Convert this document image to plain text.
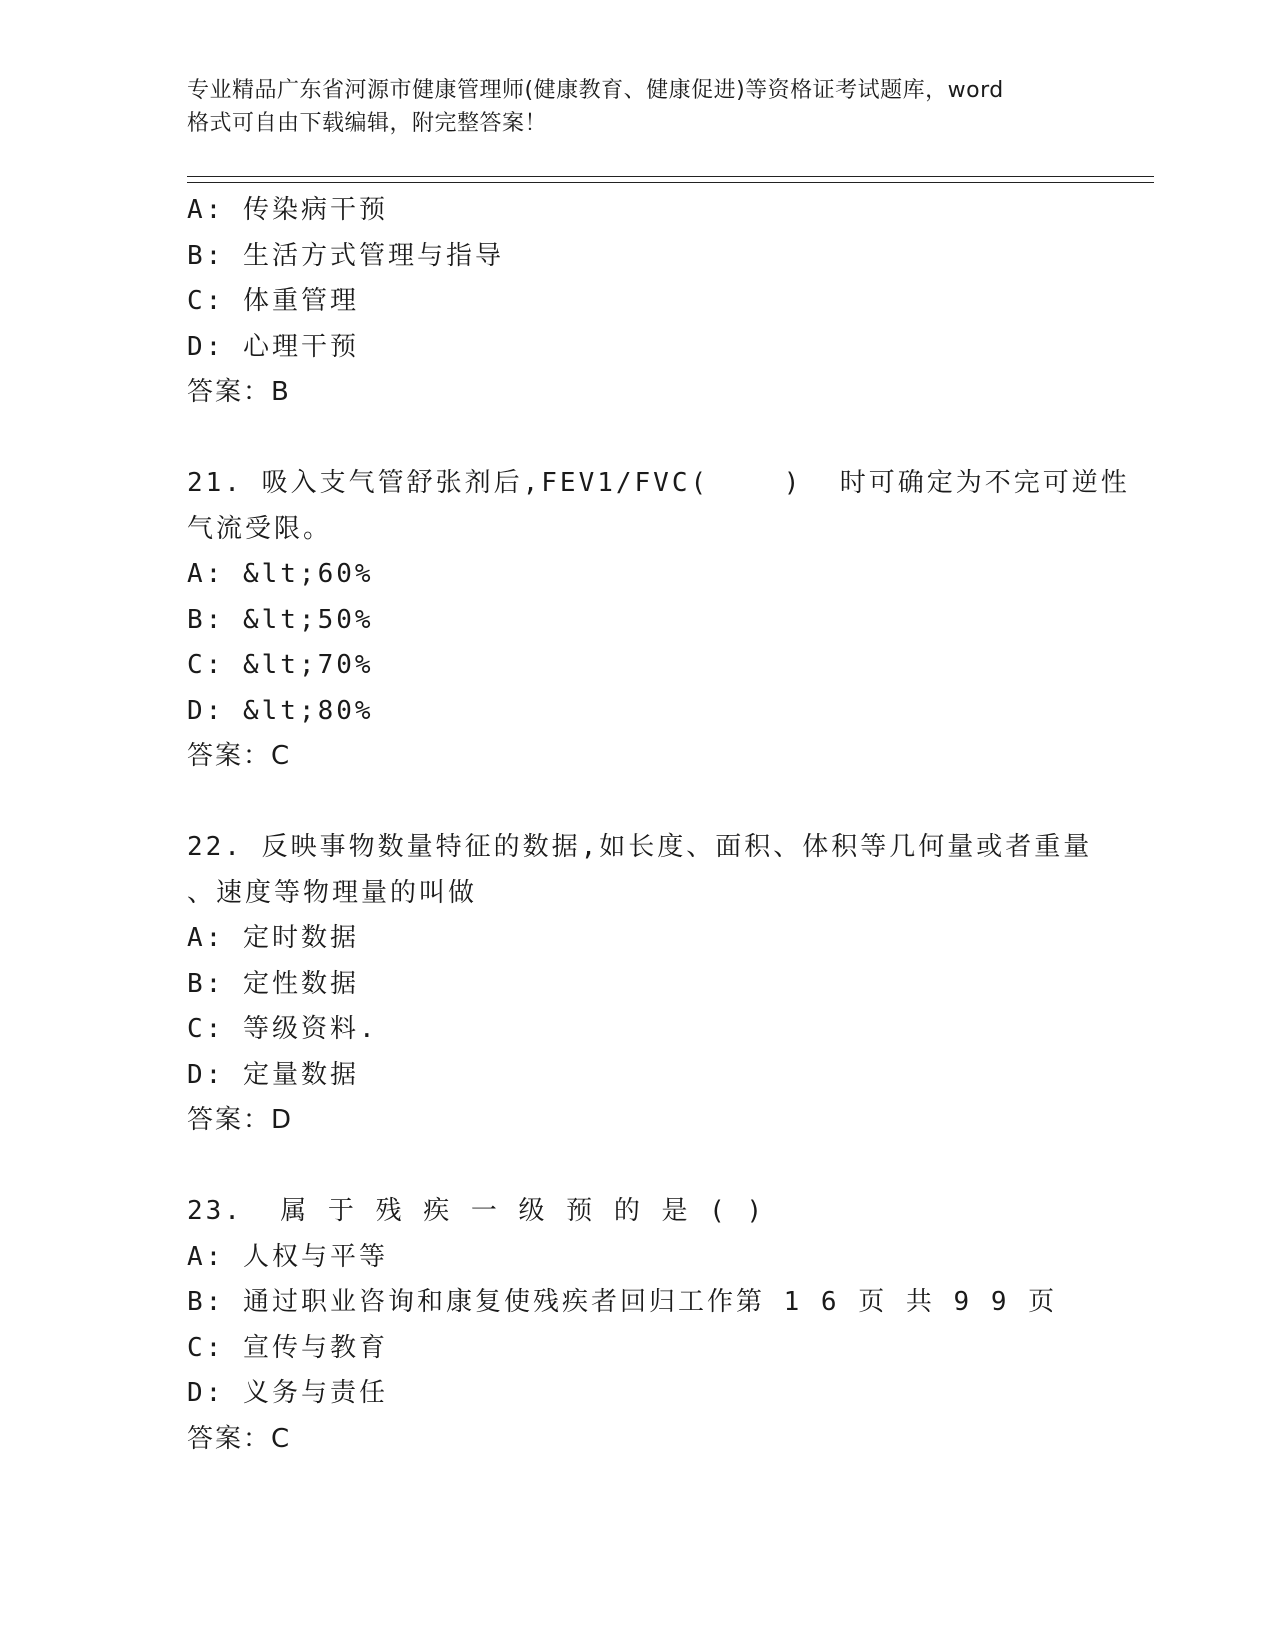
专业精品广东省河源市健康管理师(健康教育、健康促进)等资格证考试题库，word
格式可自由下载编辑，附完整答案！
A: 传染病干预
B: 生活方式管理与指导
C: 体重管理
D: 心理干预
答案：B
21. 吸入支气管舒张剂后,FEV1/FVC(    )  时可确定为不完可逆性
气流受限。
A: &lt;60%
B: &lt;50%
C: &lt;70%
D: &lt;80%
答案：C
22. 反映事物数量特征的数据,如长度、面积、体积等几何量或者重量
、速度等物理量的叫做
A: 定时数据
B: 定性数据
C: 等级资料.
D: 定量数据
答案：D
23.  属 于 残 疾 一 级 预 的 是 ( )
A: 人权与平等
B: 通过职业咨询和康复使残疾者回归工作第 1 6 页 共 9 9 页
C: 宣传与教育
D: 义务与责任
答案：C
